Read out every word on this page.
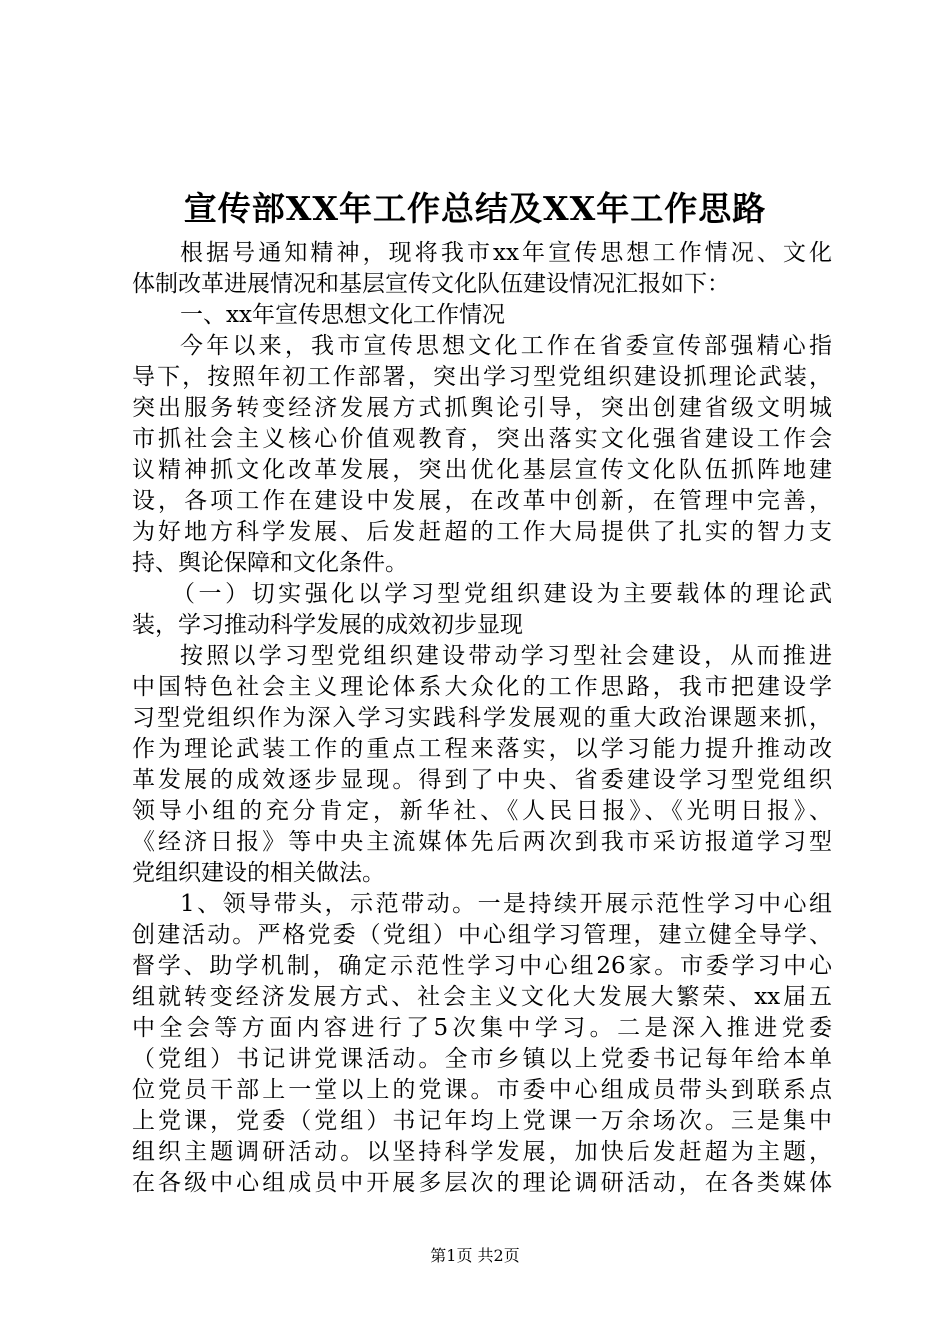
宣传部XX年工作总结及XX年工作思路
根据号通知精神，现将我市xx年宣传思想工作情况、文化
体制改革进展情况和基层宣传文化队伍建设情况汇报如下：
一、xx年宣传思想文化工作情况
今年以来，我市宣传思想文化工作在省委宣传部强精心指
导下，按照年初工作部署，突出学习型党组织建设抓理论武装，
突出服务转变经济发展方式抓舆论引导，突出创建省级文明城
市抓社会主义核心价值观教育，突出落实文化强省建设工作会
议精神抓文化改革发展，突出优化基层宣传文化队伍抓阵地建
设，各项工作在建设中发展，在改革中创新，在管理中完善，
为好地方科学发展、后发赶超的工作大局提供了扎实的智力支
持、舆论保障和文化条件。
（一）切实强化以学习型党组织建设为主要载体的理论武
装，学习推动科学发展的成效初步显现
按照以学习型党组织建设带动学习型社会建设，从而推进
中国特色社会主义理论体系大众化的工作思路，我市把建设学
习型党组织作为深入学习实践科学发展观的重大政治课题来抓，
作为理论武装工作的重点工程来落实，以学习能力提升推动改
革发展的成效逐步显现。得到了中央、省委建设学习型党组织
领导小组的充分肯定，新华社、《人民日报》、《光明日报》、
《经济日报》等中央主流媒体先后两次到我市采访报道学习型
党组织建设的相关做法。
1、领导带头，示范带动。一是持续开展示范性学习中心组
创建活动。严格党委（党组）中心组学习管理，建立健全导学、
督学、助学机制，确定示范性学习中心组26家。市委学习中心
组就转变经济发展方式、社会主义文化大发展大繁荣、xx届五
中全会等方面内容进行了5次集中学习。二是深入推进党委
（党组）书记讲党课活动。全市乡镇以上党委书记每年给本单
位党员干部上一堂以上的党课。市委中心组成员带头到联系点
上党课，党委（党组）书记年均上党课一万余场次。三是集中
组织主题调研活动。以坚持科学发展，加快后发赶超为主题，
在各级中心组成员中开展多层次的理论调研活动，在各类媒体
第1页 共2页
